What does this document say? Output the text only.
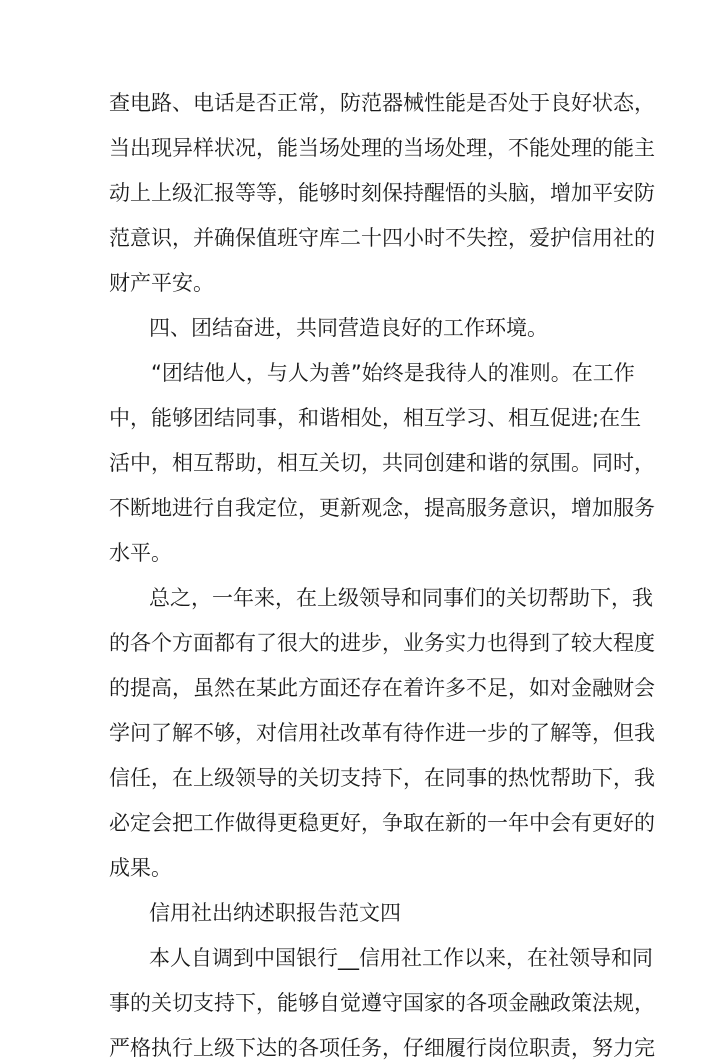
查电路、电话是否正常，防范器械性能是否处于良好状态，
当出现异样状况，能当场处理的当场处理，不能处理的能主
动上上级汇报等等，能够时刻保持醒悟的头脑，增加平安防
范意识，并确保值班守库二十四小时不失控，爱护信用社的
财产平安。
四、团结奋进，共同营造良好的工作环境。
“团结他人，与人为善”始终是我待人的准则。在工作
中，能够团结同事，和谐相处，相互学习、相互促进;在生
活中，相互帮助，相互关切，共同创建和谐的氛围。同时，
不断地进行自我定位，更新观念，提高服务意识，增加服务
水平。
总之，一年来，在上级领导和同事们的关切帮助下，我
的各个方面都有了很大的进步，业务实力也得到了较大程度
的提高，虽然在某此方面还存在着许多不足，如对金融财会
学问了解不够，对信用社改革有待作进一步的了解等，但我
信任，在上级领导的关切支持下，在同事的热忱帮助下，我
必定会把工作做得更稳更好，争取在新的一年中会有更好的
成果。
信用社出纳述职报告范文四
本人自调到中国银行__信用社工作以来，在社领导和同
事的关切支持下，能够自觉遵守国家的各项金融政策法规，
严格执行上级下达的各项任务，仔细履行岗位职责，努力完
